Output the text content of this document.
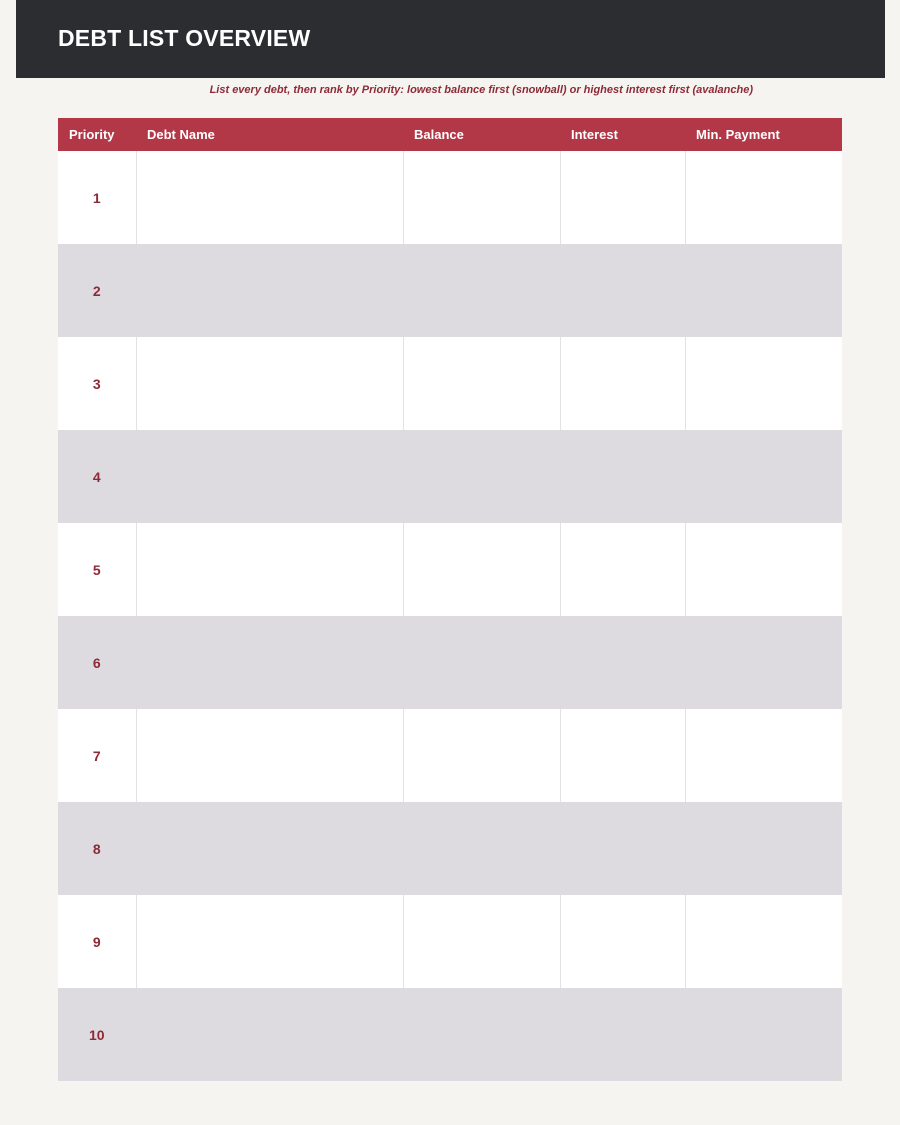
DEBT LIST OVERVIEW
List every debt, then rank by Priority: lowest balance first (snowball) or highest interest first (avalanche)
Priority	Debt Name	Balance	Interest	Min. Payment
1				
2				
3				
4				
5				
6				
7				
8				
9				
10				
